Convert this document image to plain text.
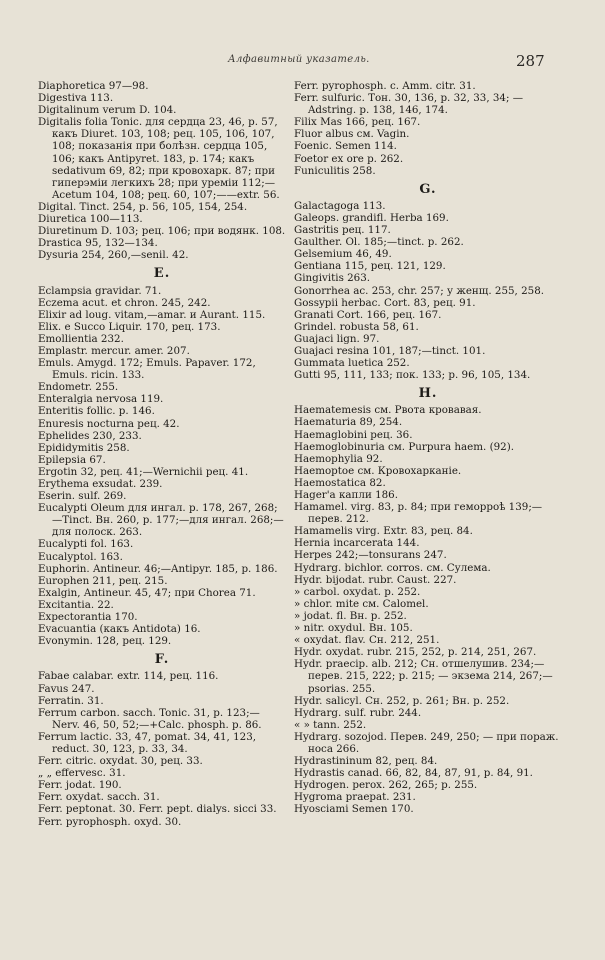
Алфавитный указатель.	287
Diaphoretica 97—98.
Digestiva 113.
Digitalinum verum D. 104.
Digitalis folia Tonic. для сердца 23, 46, р. 57, какъ Diuret. 103, 108; рец. 105, 106, 107, 108; показанія при болѣзн. сердца 105, 106; какъ Antipyret. 183, р. 174; какъ sedativum 69, 82; при кровохарк. 87; при гиперэміи легкихъ 28; при уреміи 112;—Acetum 104, 108; рец. 60, 107;——extr. 56.
Digital. Tinct. 254, р. 56, 105, 154, 254.
Diuretica 100—113.
Diuretinum D. 103; рец. 106; при водянк. 108.
Drastica 95, 132—134.
Dysuria 254, 260,—senil. 42.
E.
Eclampsia gravidar. 71.
Eczema acut. et chron. 245, 242.
Elixir ad loug. vitam,—amar. и Aurant. 115.
Elix. e Succo Liquir. 170, рец. 173.
Emollientia 232.
Emplastr. mercur. amer. 207.
Emuls. Amygd. 172; Emuls. Papaver. 172, Emuls. ricin. 133.
Endometr. 255.
Enteralgia nervosa 119.
Enteritis follic. р. 146.
Enuresis nocturna рец. 42.
Ephelides 230, 233.
Epididymitis 258.
Epilepsia 67.
Ergotin 32, рец. 41;—Wernichii рец. 41.
Erythema exsudat. 239.
Eserin. sulf. 269.
Eucalypti Oleum для ингал. р. 178, 267, 268;—Tinct. Вн. 260, р. 177;—для ингал. 268;—для полоск. 263.
Eucalypti fol. 163.
Eucalyptol. 163.
Euphorin. Antineur. 46;—Antipyr. 185, р. 186.
Europhen 211, рец. 215.
Exalgin, Antineur. 45, 47; при Chorea 71.
Excitantia. 22.
Expectorantia 170.
Evacuantia (какъ Antidota) 16.
Evonymin. 128, рец. 129.
F.
Fabae calabar. extr. 114, рец. 116.
Favus 247.
Ferratin. 31.
Ferrum carbon. sacch. Tonic. 31, р. 123;—Nerv. 46, 50, 52;—+Calc. phosph. р. 86.
Ferrum lactic. 33, 47, pomat. 34, 41, 123, reduct. 30, 123, р. 33, 34.
Ferr. citric. oxydat. 30, рец. 33.
„ „ effervesc. 31.
Ferr. jodat. 190.
Ferr. oxydat. sacch. 31.
Ferr. peptonat. 30. Ferr. pept. dialys. sicci 33.
Ferr. pyrophosph. oxyd. 30.
Ferr. pyrophosph. c. Amm. citr. 31.
Ferr. sulfuric. Тон. 30, 136, р. 32, 33, 34; —Adstring. р. 138, 146, 174.
Filix Mas 166, рец. 167.
Fluor albus см. Vagin.
Foenic. Semen 114.
Foetor ex ore р. 262.
Funiculitis 258.
G.
Galactagoga 113.
Galeops. grandifl. Herba 169.
Gastritis рец. 117.
Gaulther. Ol. 185;—tinct. р. 262.
Gelsemium 46, 49.
Gentiana 115, рец. 121, 129.
Gingivitis 263.
Gonorrhea ac. 253, chr. 257; у женщ. 255, 258.
Gossypii herbac. Cort. 83, рец. 91.
Granati Cort. 166, рец. 167.
Grindel. robusta 58, 61.
Guajaci lign. 97.
Guajaci resina 101, 187;—tinct. 101.
Gummata luetica 252.
Gutti 95, 111, 133; пок. 133; р. 96, 105, 134.
H.
Haematemesis см. Рвота кровавая.
Haematuria 89, 254.
Haemaglobini рец. 36.
Haemoglobinuria см. Purpura haem. (92).
Haemophylia 92.
Haemoptoe см. Кровохарканіе.
Haemostatica 82.
Hager'a капли 186.
Hamamel. virg. 83, р. 84; при геморроѣ 139;—перев. 212.
Hamamelis virg. Extr. 83, рец. 84.
Hernia incarcerata 144.
Herpes 242;—tonsurans 247.
Hydrarg. bichlor. corros. см. Сулема.
Hydr. bijodat. rubr. Caust. 227.
» carbol. oxydat. р. 252.
» chlor. mite см. Calomel.
» jodat. fl. Вн. р. 252.
» nitr. oxydul. Вн. 105.
« oxydat. flav. Сн. 212, 251.
Hydr. oxydat. rubr. 215, 252, р. 214, 251, 267.
Hydr. praecip. alb. 212; Сн. отшелушив. 234;—перев. 215, 222; р. 215; — экзема 214, 267;—psorias. 255.
Hydr. salicyl. Сн. 252, р. 261; Вн. р. 252.
Hydrarg. sulf. rubr. 244.
« » tann. 252.
Hydrarg. sozojod. Перев. 249, 250; — при пораж. носа 266.
Hydrastininum 82, рец. 84.
Hydrastis canad. 66, 82, 84, 87, 91, р. 84, 91.
Hydrogen. perox. 262, 265; р. 255.
Hygroma praepat. 231.
Hyosciami Semen 170.
